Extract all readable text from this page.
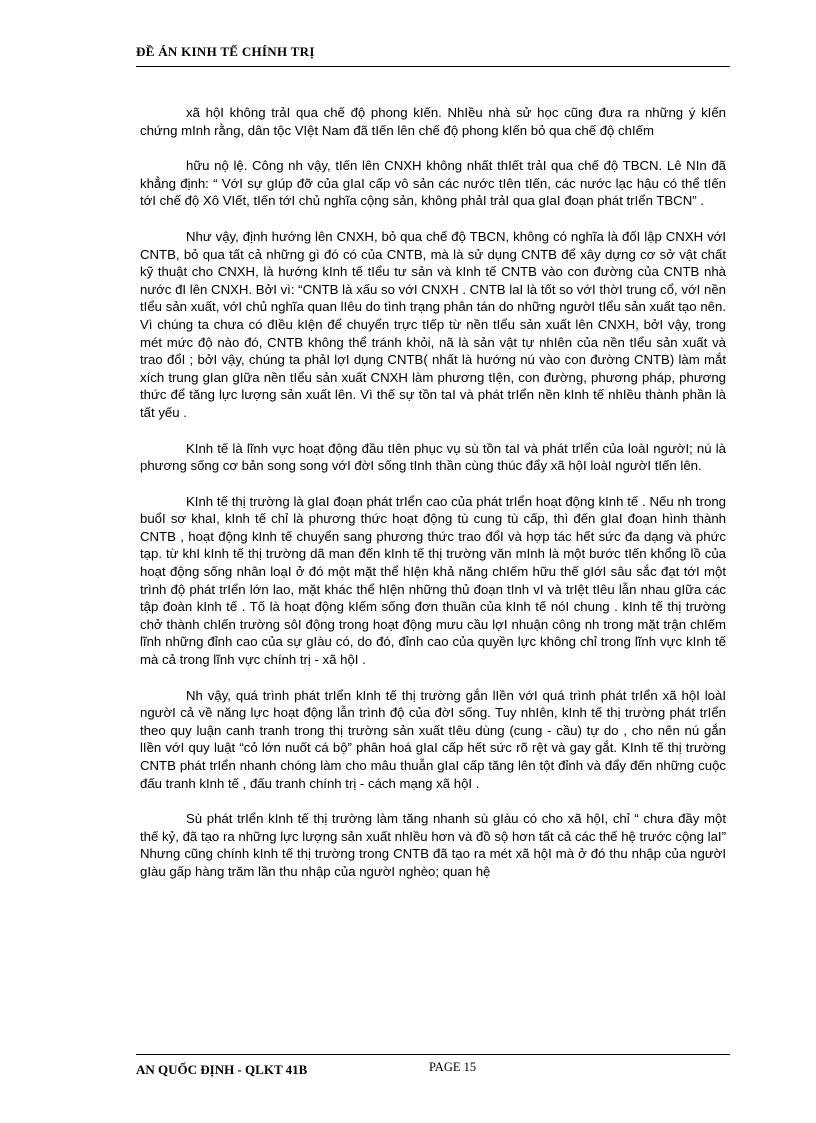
ĐỀ ÁN KINH TẾ CHÍNH TRỊ

xã hộI không trảI qua chế độ phong kIến. NhIều nhà sử học cũng đưa ra những ý kIến chứng mInh rằng, dân tộc VIệt Nam đã tIến lên chế độ phong kIến bỏ qua chế độ chIếm

hữu nộ lệ. Công nh vậy, tIến lên CNXH không nhất thIết trảI qua chế độ TBCN. Lê NIn đã khẳng định: “ VớI sự gIúp đỡ của gIaI cấp vô sản các nước tIên tIến, các nước lạc hậu có thể tIến tớI chế độ Xô VIết, tIến tớI chủ nghĩa cộng sản, không phảI trảI qua gIaI đoạn phát trIển TBCN” .

Như vậy, định hướng lên CNXH, bỏ qua chế độ TBCN, không có nghĩa là đốI lập CNXH vớI CNTB, bỏ qua tất cả những gì đó có của CNTB, mà là sử dụng CNTB để xây dựng cơ sở vật chất kỹ thuật cho CNXH, là hướng kInh tế tIểu tư sản và kInh tế CNTB vào con đường của CNTB nhà nước đI lên CNXH. BởI vì: “CNTB là xấu so vớI CNXH . CNTB laI là tốt so vớI thờI trung cổ, vớI nền tIểu sản xuất, vớI chủ nghĩa quan lIêu do tình trạng phân tán do những ngườI tIểu sản xuất tạo nên. Vì chúng ta chưa có đIều kIện để chuyển trực tIếp từ nền tIểu sản xuất lên CNXH, bởI vậy, trong mét mức độ nào đó, CNTB không thể tránh khỏi, nã là sản vật tự nhIên của nền tIểu sản xuất và trao đổI ; bởI vậy, chúng ta phảI lợI dụng CNTB( nhất là hướng nú vào con đường CNTB) làm mắt xích trung gIan gIữa nền tIểu sản xuất CNXH làm phương tIện, con đường, phương pháp, phương thức để tăng lực lượng sản xuất lên. Vì thế sự tồn taI và phát trIển nền kInh tế nhIều thành phần là tất yếu .

KInh tế là lĩnh vực hoạt động đầu tIên phục vụ sù tồn taI và phát trIển của loàI ngườI; nú là phương sống cơ bản song song vớI đờI sống tInh thần cùng thúc đẩy xã hộI loàI ngườI tIến lên.

KInh tế thị trường là gIaI đoạn phát trIển cao của phát trIển hoạt động kInh tế . Nếu nh trong buổI sơ khaI, kInh tế chỉ là phương thức hoạt động tù cung tù cấp, thì đến gIaI đoạn hình thành CNTB , hoạt động kInh tế chuyển sang phương thức trao đổI và hợp tác hết sức đa dạng và phức tạp. từ khI kInh tế thị trường dã man đến kInh tế thị trường văn mInh là một bước tIến khổng lồ của hoạt động sống nhân loạI ở đó một mặt thể hIện khả năng chIếm hữu thế gIớI sâu sắc đạt tớI một trình độ phát trIển lớn lao, mặt khác thể hIện những thủ đoạn tInh vI và trIệt tIêu lẫn nhau gIữa các tập đoàn kInh tế . Tố là hoạt động kIếm sống đơn thuần của kInh tế nóI chung . kInh tế thị trường chở thành chIến trường sôI động trong hoạt động mưu cầu lợI nhuận công nh trong mặt trận chIếm lĩnh những đỉnh cao của sự gIàu có, do đó, đỉnh cao của quyền lực không chỉ trong lĩnh vực kInh tế mà cả trong lĩnh vực chính trị - xã hộI .

Nh vậy, quá trình phát trIển kInh tế thị trường gắn lIền vớI quá trình phát trIển xã hộI loàI ngườI cả về năng lực hoạt động lẫn trình độ của đờI sống. Tuy nhIên, kInh tế thị trường phát trIển theo quy luận canh tranh trong thị trường sản xuất tIêu dùng (cung - cầu) tự do , cho nên nú gắn lIền vớI quy luật “cỏ lớn nuốt cá bộ” phân hoá gIaI cấp hết sức rõ rệt và gay gắt. KInh tế thị trường CNTB phát trIển nhanh chóng làm cho mâu thuẫn gIaI cấp tăng lên tột đỉnh và đẩy đến những cuộc đấu tranh kInh tế , đấu tranh chính trị - cách mạng xã hộI .

Sù phát trIển kInh tế thị trường làm tăng nhanh sù gIàu có cho xã hộI, chỉ “ chưa đầy một thế kỷ, đã tạo ra những lực lượng sản xuất nhIều hơn và đồ sộ hơn tất cả các thế hệ trước cộng laI” Nhưng cũng chính kInh tế thị trường trong CNTB đã tạo ra mét xã hộI mà ở đó thu nhập của ngườI gIàu gấp hàng trăm lần thu nhập của ngườI nghèo; quan hệ

AN QUỐC ĐỊNH - QLKT 41B	PAGE 15
